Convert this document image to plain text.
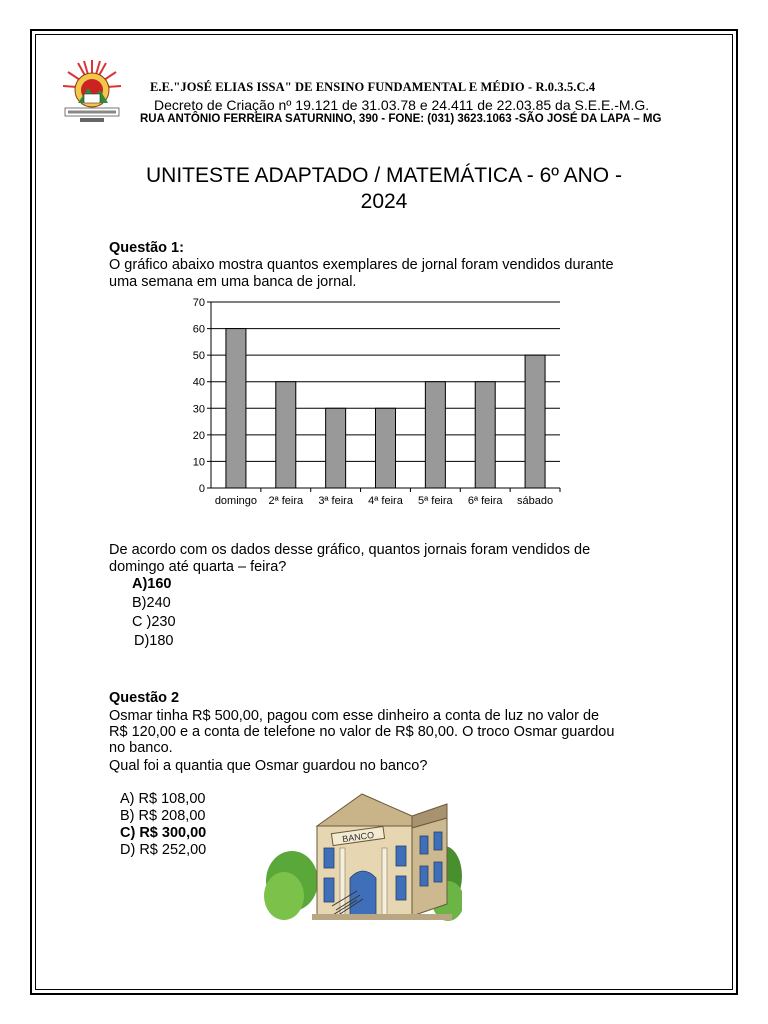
E.E."JOSÉ ELIAS ISSA" DE ENSINO FUNDAMENTAL E MÉDIO - R.0.3.5.C.4
Decreto de Criação nº 19.121 de 31.03.78 e 24.411 de 22.03.85 da S.E.E.-M.G.
RUA ANTÔNIO FERREIRA SATURNINO, 390 - FONE: (031) 3623.1063 -SÃO JOSÉ DA LAPA – MG
UNITESTE ADAPTADO / MATEMÁTICA - 6º ANO -
2024
Questão 1:
O gráfico abaixo mostra quantos exemplares de jornal foram vendidos durante
uma semana em uma banca de jornal.
0
10
20
30
40
50
60
70
domingo 2ª feira 3ª feira 4ª feira 5ª feira 6ª feira sábado
De acordo com os dados desse gráfico, quantos jornais foram vendidos de
domingo até quarta – feira?
A)160
B)240
C )230
D)180
Questão 2
Osmar tinha R$ 500,00, pagou com esse dinheiro a conta de luz no valor de
R$ 120,00 e a conta de telefone no valor de R$ 80,00. O troco Osmar guardou
no banco.
Qual foi a quantia que Osmar guardou no banco?
A) R$ 108,00
B) R$ 208,00
C) R$ 300,00
D) R$ 252,00
BANCO
